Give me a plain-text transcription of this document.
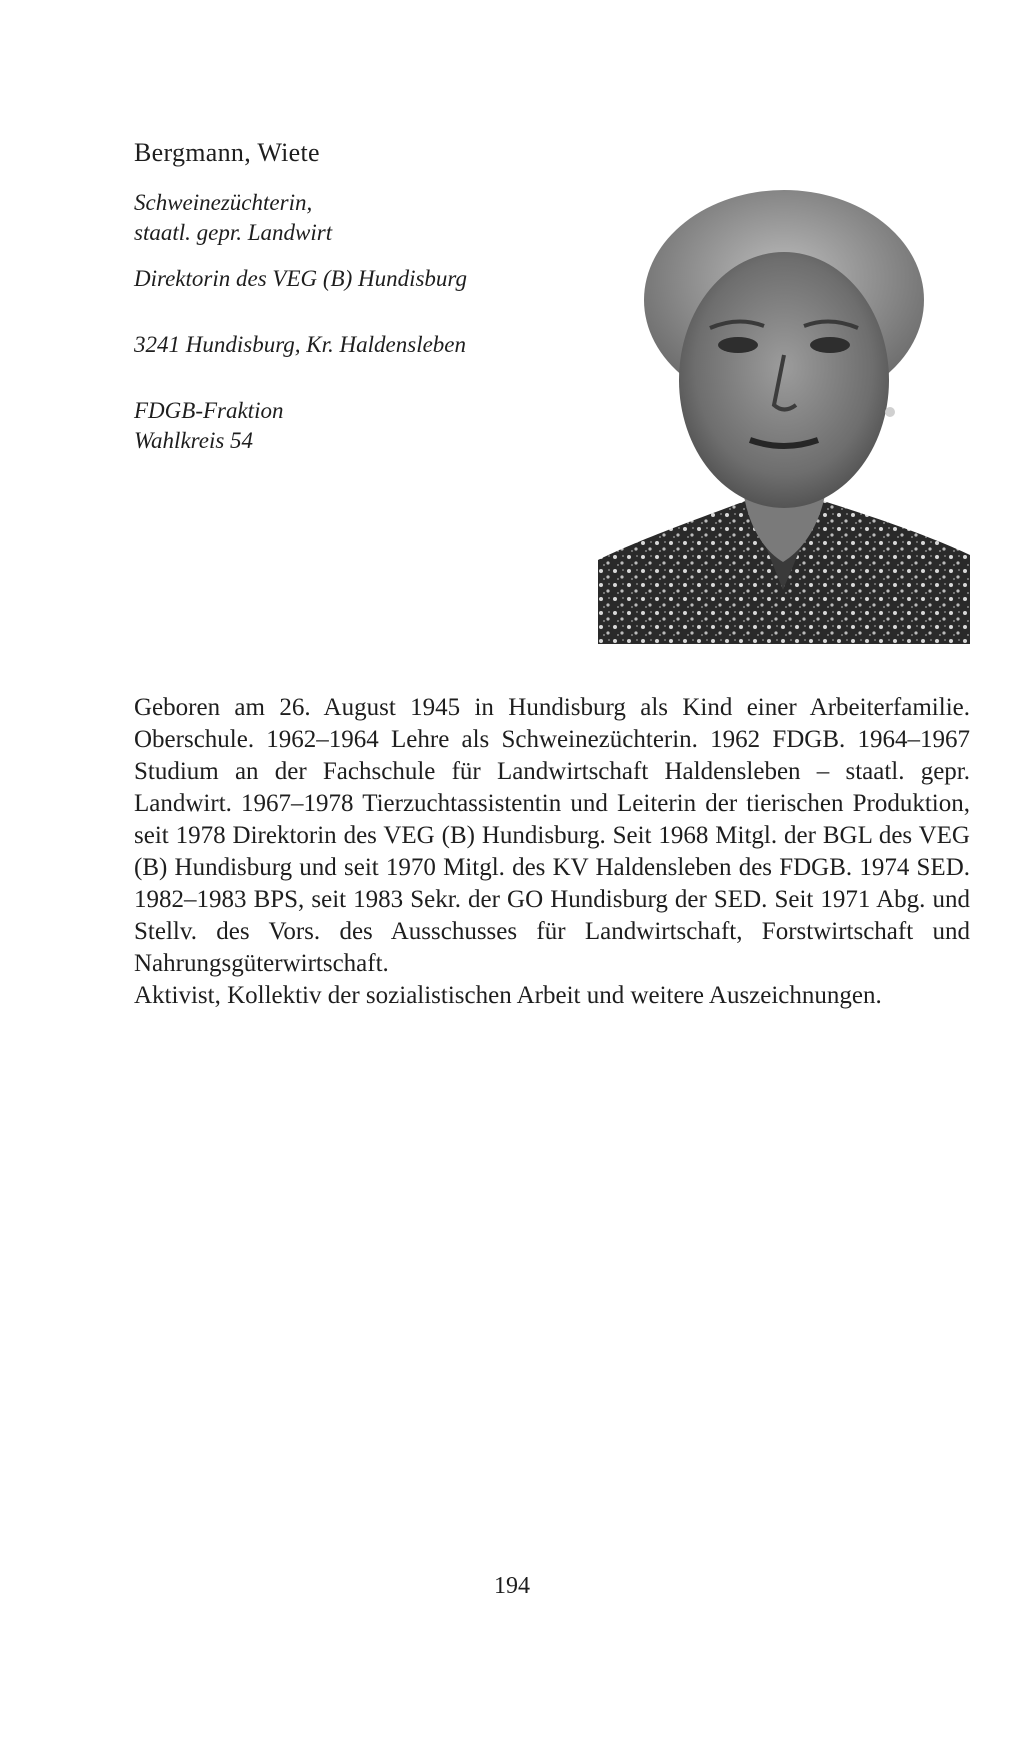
Bergmann, Wiete
Schweinezüchterin,
staatl. gepr. Landwirt
Direktorin des VEG (B) Hundisburg
3241 Hundisburg, Kr. Haldensleben
FDGB-Fraktion
Wahlkreis 54

Geboren am 26. August 1945 in Hundisburg als Kind einer Arbeiterfamilie. Oberschule. 1962–1964 Lehre als Schweinezüchterin. 1962 FDGB. 1964–1967 Studium an der Fachschule für Landwirtschaft Haldensleben – staatl. gepr. Landwirt. 1967–1978 Tierzuchtassistentin und Leiterin der tierischen Produktion, seit 1978 Direktorin des VEG (B) Hundisburg. Seit 1968 Mitgl. der BGL des VEG (B) Hundisburg und seit 1970 Mitgl. des KV Haldensleben des FDGB. 1974 SED. 1982–1983 BPS, seit 1983 Sekr. der GO Hundisburg der SED. Seit 1971 Abg. und Stellv. des Vors. des Ausschusses für Landwirtschaft, Forstwirtschaft und Nahrungsgüterwirtschaft.

Aktivist, Kollektiv der sozialistischen Arbeit und weitere Auszeichnungen.

194
